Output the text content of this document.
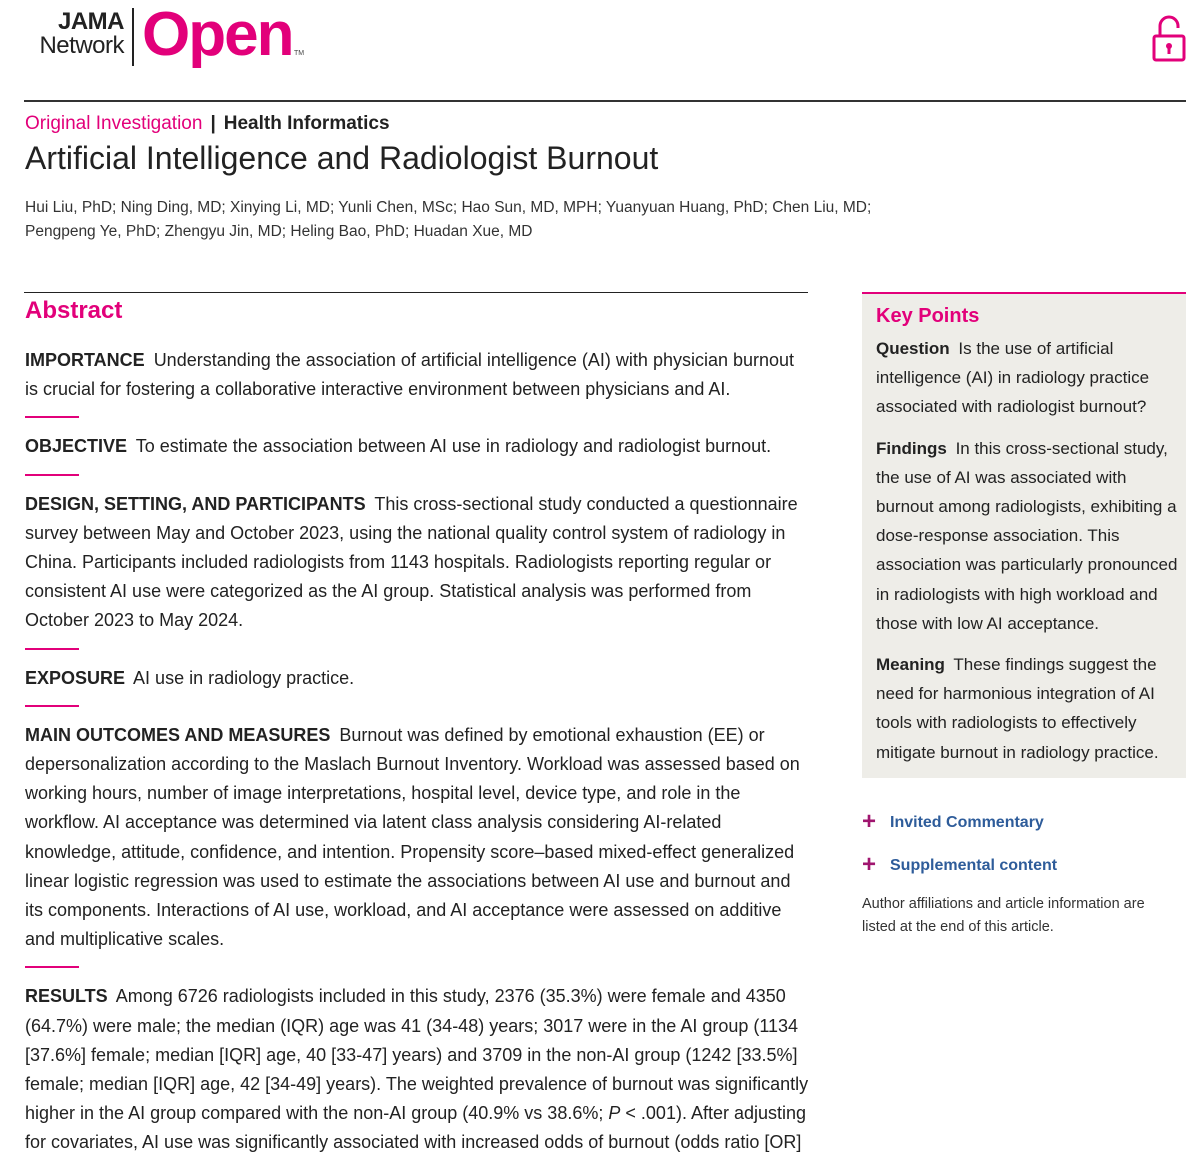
JAMA
Network Open TM
Original Investigation | Health Informatics
Artificial Intelligence and Radiologist Burnout

Hui Liu, PhD; Ning Ding, MD; Xinying Li, MD; Yunli Chen, MSc; Hao Sun, MD, MPH; Yuanyuan Huang, PhD; Chen Liu, MD;
Pengpeng Ye, PhD; Zhengyu Jin, MD; Heling Bao, PhD; Huadan Xue, MD

Abstract

IMPORTANCE Understanding the association of artificial intelligence (AI) with physician burnout is crucial for fostering a collaborative interactive environment between physicians and AI.

OBJECTIVE To estimate the association between AI use in radiology and radiologist burnout.

DESIGN, SETTING, AND PARTICIPANTS This cross-sectional study conducted a questionnaire survey between May and October 2023, using the national quality control system of radiology in China. Participants included radiologists from 1143 hospitals. Radiologists reporting regular or consistent AI use were categorized as the AI group. Statistical analysis was performed from October 2023 to May 2024.

EXPOSURE AI use in radiology practice.

MAIN OUTCOMES AND MEASURES Burnout was defined by emotional exhaustion (EE) or depersonalization according to the Maslach Burnout Inventory. Workload was assessed based on working hours, number of image interpretations, hospital level, device type, and role in the workflow. AI acceptance was determined via latent class analysis considering AI-related knowledge, attitude, confidence, and intention. Propensity score–based mixed-effect generalized linear logistic regression was used to estimate the associations between AI use and burnout and its components. Interactions of AI use, workload, and AI acceptance were assessed on additive and multiplicative scales.

RESULTS Among 6726 radiologists included in this study, 2376 (35.3%) were female and 4350 (64.7%) were male; the median (IQR) age was 41 (34-48) years; 3017 were in the AI group (1134 [37.6%] female; median [IQR] age, 40 [33-47] years) and 3709 in the non-AI group (1242 [33.5%] female; median [IQR] age, 42 [34-49] years). The weighted prevalence of burnout was significantly higher in the AI group compared with the non-AI group (40.9% vs 38.6%; P < .001). After adjusting for covariates, AI use was significantly associated with increased odds of burnout (odds ratio [OR]

Key Points

Question Is the use of artificial intelligence (AI) in radiology practice associated with radiologist burnout?

Findings In this cross-sectional study, the use of AI was associated with burnout among radiologists, exhibiting a dose-response association. This association was particularly pronounced in radiologists with high workload and those with low AI acceptance.

Meaning These findings suggest the need for harmonious integration of AI tools with radiologists to effectively mitigate burnout in radiology practice.

+ Invited Commentary
+ Supplemental content

Author affiliations and article information are listed at the end of this article.
